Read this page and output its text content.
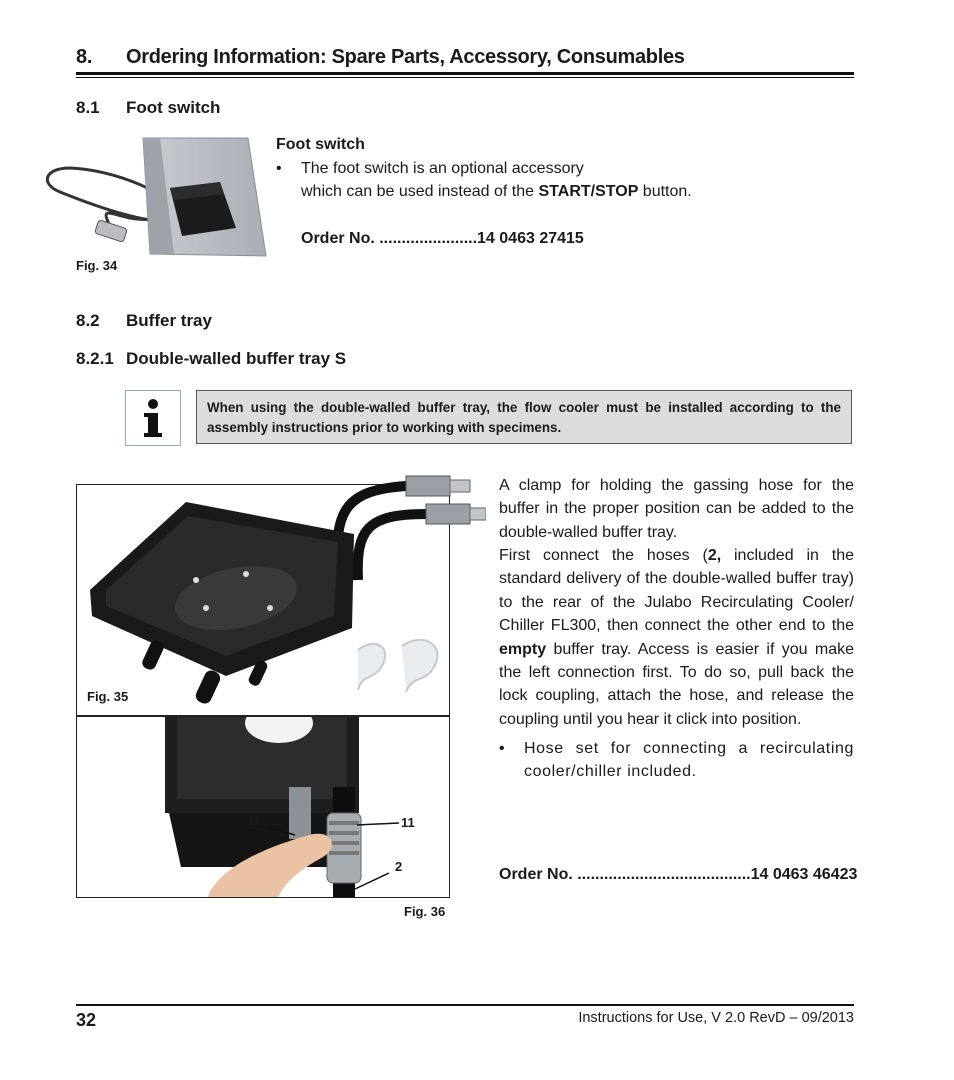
8. Ordering Information: Spare Parts, Accessory, Consumables
8.1 Foot switch
Fig. 34
Foot switch
• The foot switch is an optional accessory
which can be used instead of the START/STOP button.
Order No. ......................14 0463 27415
8.2 Buffer tray
8.2.1 Double-walled buffer tray S
When using the double-walled buffer tray, the flow cooler must be installed according to the assembly instructions prior to working with specimens.
Fig. 35
11	11
2
Fig. 36
A clamp for holding the gassing hose for the buffer in the proper position can be added to the double-walled buffer tray.
First connect the hoses (2, included in the standard delivery of the double-walled buffer tray) to the rear of the Julabo Recirculating Cooler/ Chiller FL300, then connect the other end to the empty buffer tray. Access is easier if you make the left connection first. To do so, pull back the lock coupling, attach the hose, and release the coupling until you hear it click into position.
• Hose set for connecting a recirculating cooler/chiller included.
Order No. .......................................14 0463 46423
32	Instructions for Use, V 2.0 RevD – 09/2013
